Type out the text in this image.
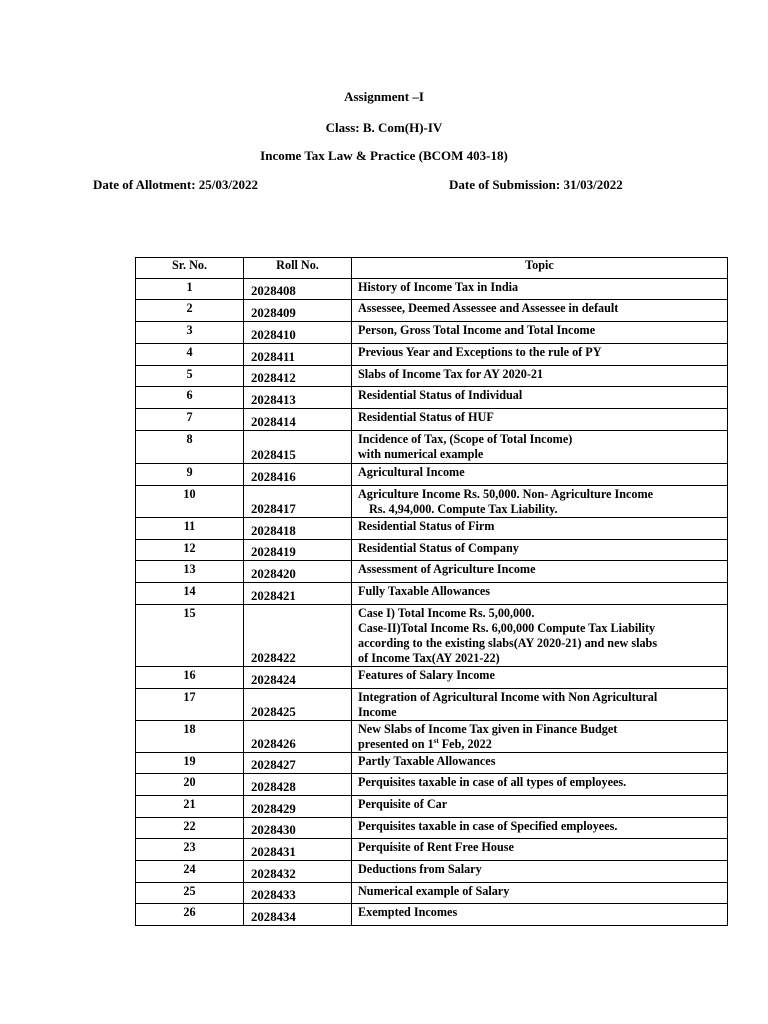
Assignment –I
Class: B. Com(H)-IV
Income Tax Law & Practice (BCOM 403-18)
Date of Allotment: 25/03/2022	Date of Submission: 31/03/2022
Sr. No.	Roll No.	Topic
1	2028408	History of Income Tax in India

2	2028409	Assessee, Deemed Assessee and Assessee in default

3	2028410	Person, Gross Total Income and Total Income

4	2028411	Previous Year and Exceptions to the rule of PY

5	2028412	Slabs of Income Tax for AY 2020-21

6	2028413	Residential Status of Individual

7	2028414	Residential Status of HUF

8	2028415	Incidence of Tax, (Scope of Total Income)
with numerical example

9	2028416	Agricultural Income

10	2028417	Agriculture Income Rs. 50,000. Non- Agriculture Income
Rs. 4,94,000. Compute Tax Liability.

11	2028418	Residential Status of Firm

12	2028419	Residential Status of Company

13	2028420	Assessment of Agriculture Income

14	2028421	Fully Taxable Allowances

15	2028422	Case I) Total Income Rs. 5,00,000.
Case-II)Total Income Rs. 6,00,000 Compute Tax Liability
according to the existing slabs(AY 2020-21) and new slabs
of Income Tax(AY 2021-22)

16	2028424	Features of Salary Income

17	2028425	Integration of Agricultural Income with Non Agricultural
Income

18	2028426	New Slabs of Income Tax given in Finance Budget
presented on 1st Feb, 2022

19	2028427	Partly Taxable Allowances

20	2028428	Perquisites taxable in case of all types of employees.

21	2028429	Perquisite of Car

22	2028430	Perquisites taxable in case of Specified employees.

23	2028431	Perquisite of Rent Free House

24	2028432	Deductions from Salary

25	2028433	Numerical example of Salary

26	2028434	Exempted Incomes
